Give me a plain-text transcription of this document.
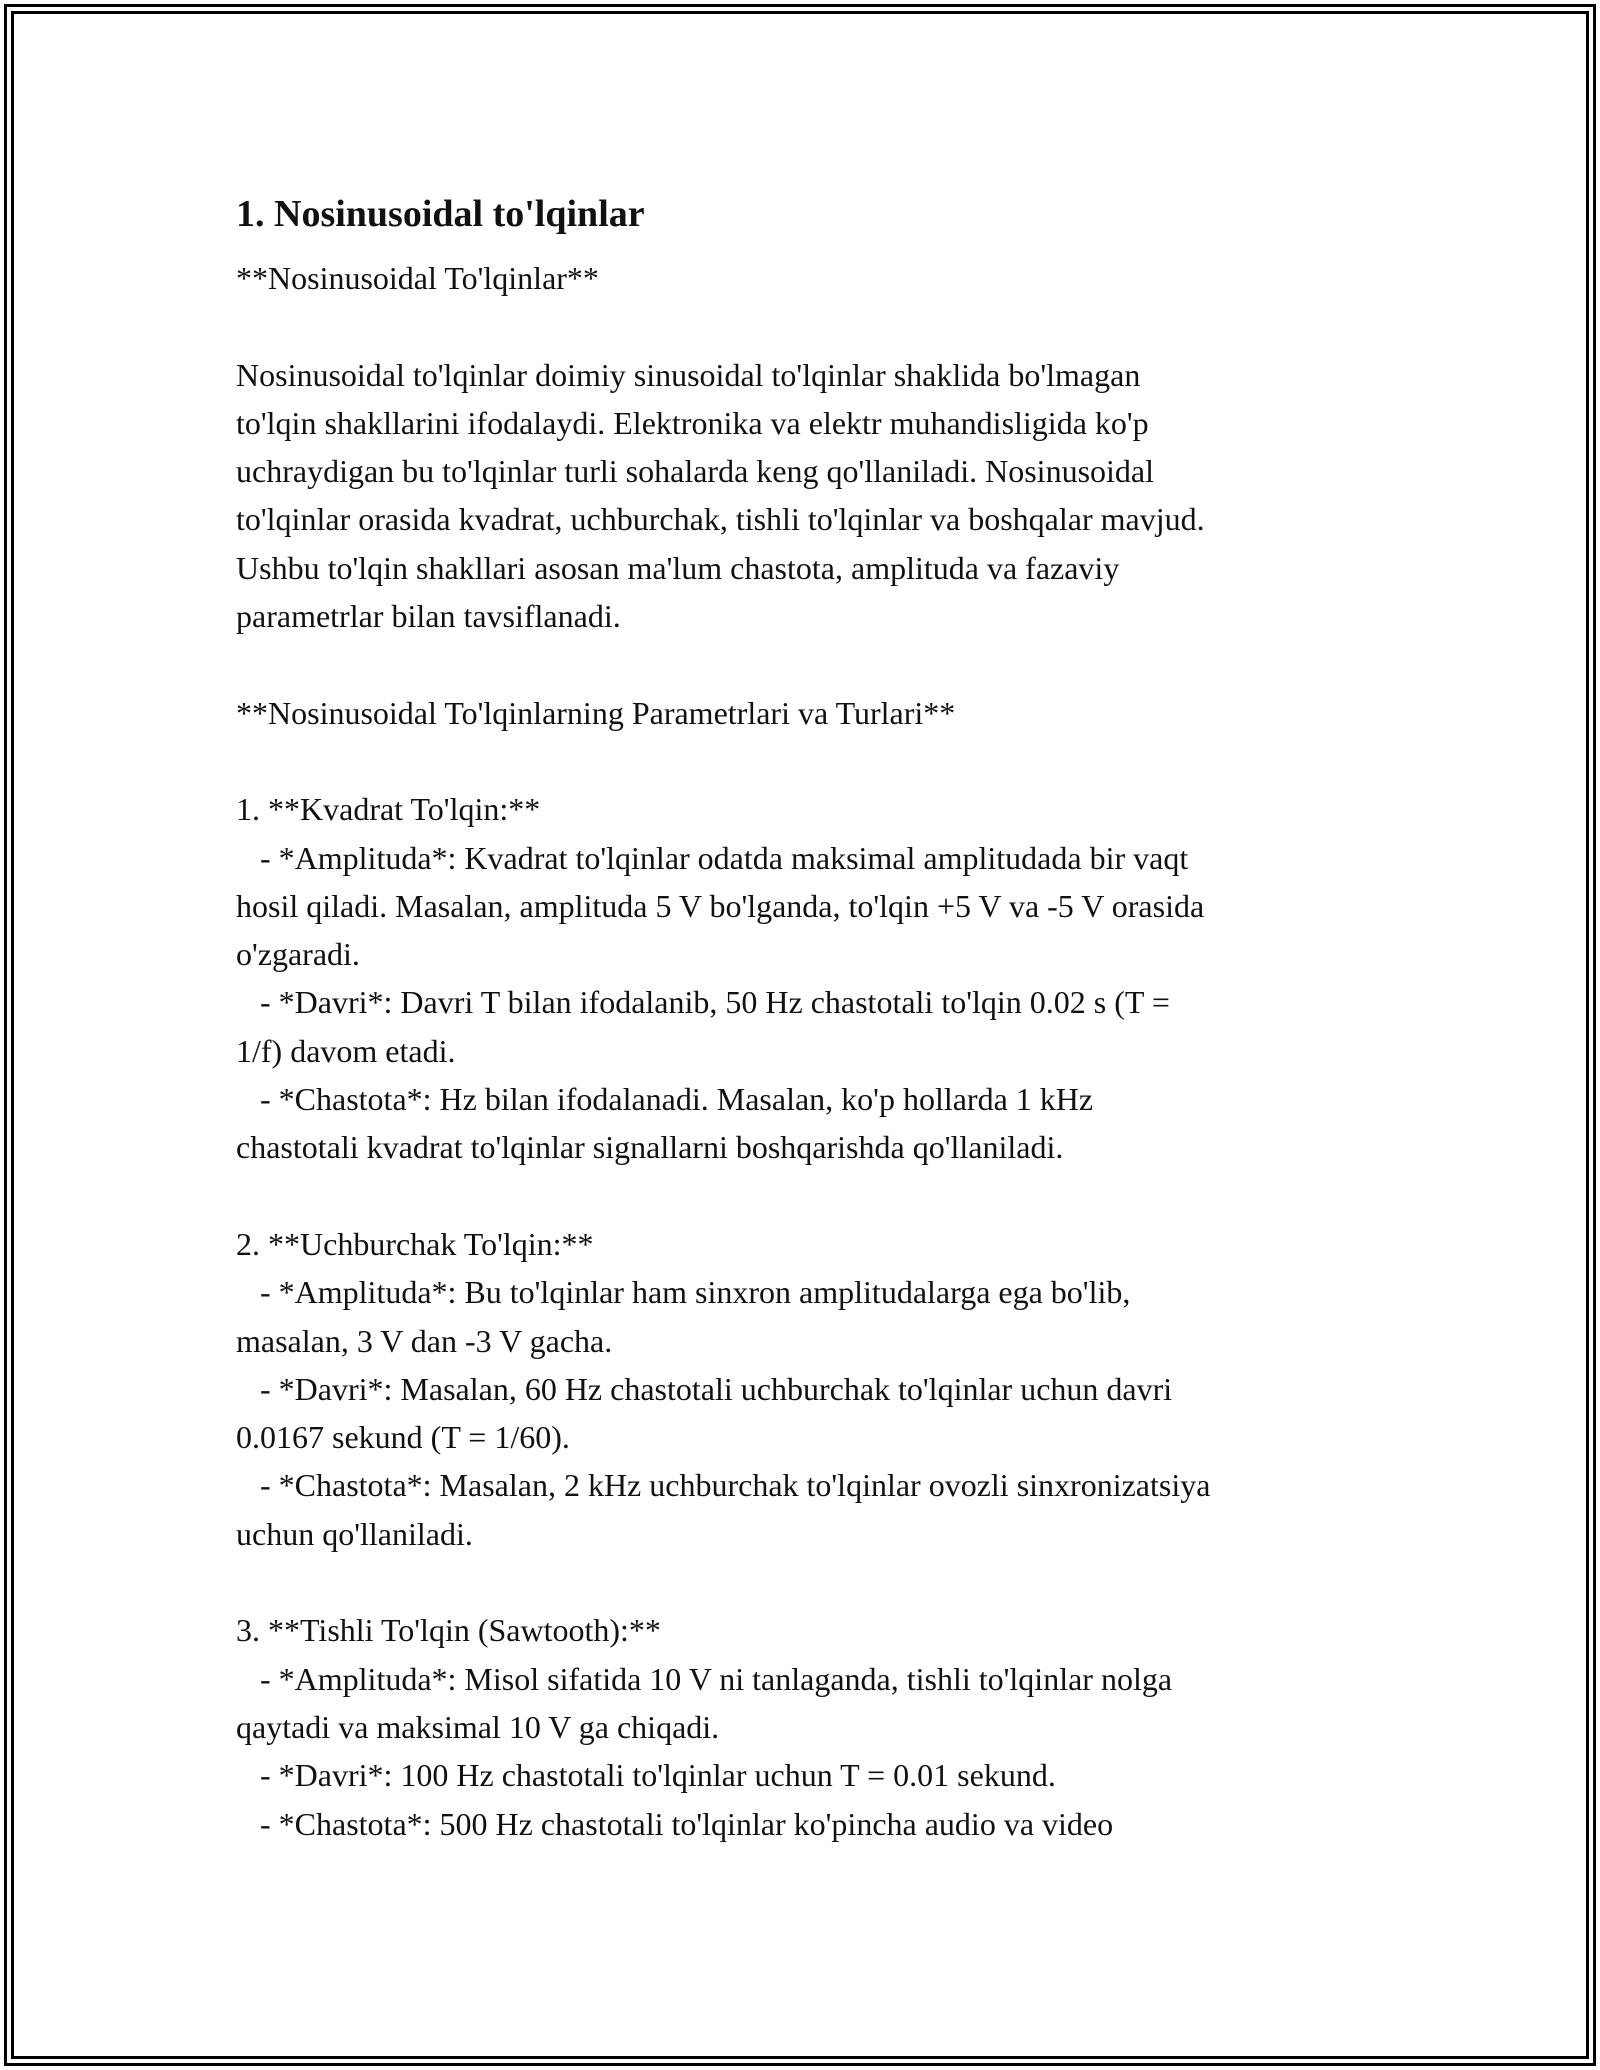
1. Nosinusoidal to'lqinlar

**Nosinusoidal To'lqinlar**

Nosinusoidal to'lqinlar doimiy sinusoidal to'lqinlar shaklida bo'lmagan

to'lqin shakllarini ifodalaydi. Elektronika va elektr muhandisligida ko'p

uchraydigan bu to'lqinlar turli sohalarda keng qo'llaniladi. Nosinusoidal

to'lqinlar orasida kvadrat, uchburchak, tishli to'lqinlar va boshqalar mavjud.

Ushbu to'lqin shakllari asosan ma'lum chastota, amplituda va fazaviy

parametrlar bilan tavsiflanadi.

**Nosinusoidal To'lqinlarning Parametrlari va Turlari**

1. **Kvadrat To'lqin:**

- *Amplituda*: Kvadrat to'lqinlar odatda maksimal amplitudada bir vaqt

hosil qiladi. Masalan, amplituda 5 V bo'lganda, to'lqin +5 V va -5 V orasida

o'zgaradi.

- *Davri*: Davri T bilan ifodalanib, 50 Hz chastotali to'lqin 0.02 s (T =

1/f) davom etadi.

- *Chastota*: Hz bilan ifodalanadi. Masalan, ko'p hollarda 1 kHz

chastotali kvadrat to'lqinlar signallarni boshqarishda qo'llaniladi.

2. **Uchburchak To'lqin:**

- *Amplituda*: Bu to'lqinlar ham sinxron amplitudalarga ega bo'lib,

masalan, 3 V dan -3 V gacha.

- *Davri*: Masalan, 60 Hz chastotali uchburchak to'lqinlar uchun davri

0.0167 sekund (T = 1/60).

- *Chastota*: Masalan, 2 kHz uchburchak to'lqinlar ovozli sinxronizatsiya

uchun qo'llaniladi.

3. **Tishli To'lqin (Sawtooth):**

- *Amplituda*: Misol sifatida 10 V ni tanlaganda, tishli to'lqinlar nolga

qaytadi va maksimal 10 V ga chiqadi.

- *Davri*: 100 Hz chastotali to'lqinlar uchun T = 0.01 sekund.

- *Chastota*: 500 Hz chastotali to'lqinlar ko'pincha audio va video
